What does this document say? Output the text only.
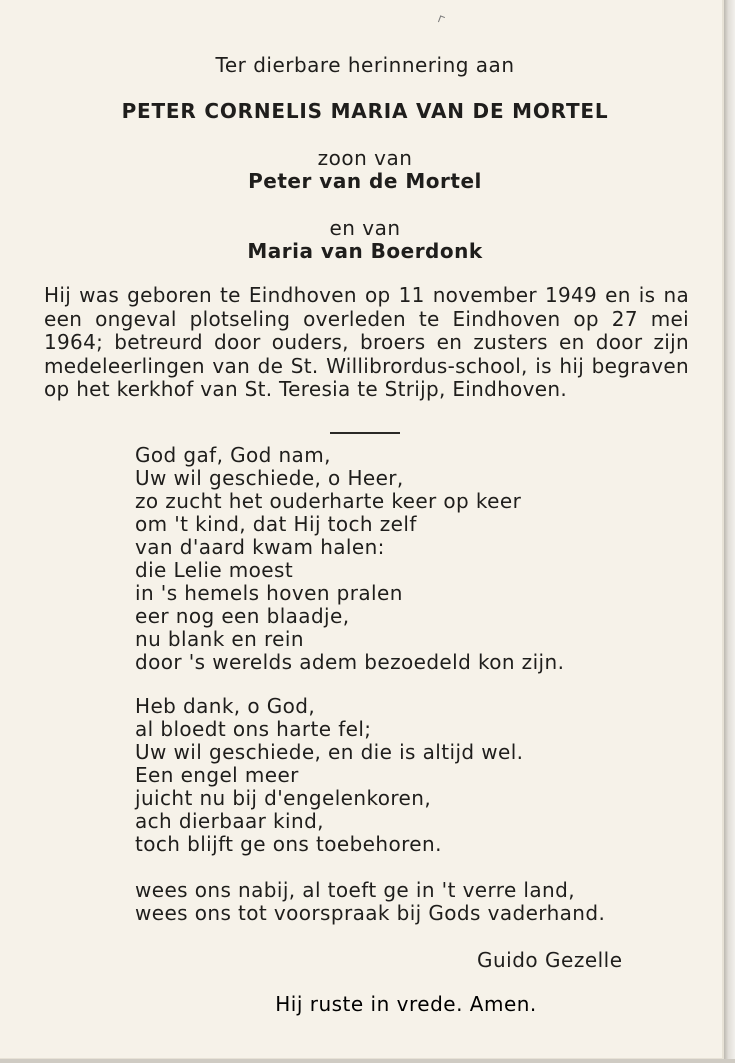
Ter dierbare herinnering aan
PETER CORNELIS MARIA VAN DE MORTEL
zoon van
Peter van de Mortel
en van
Maria van Boerdonk

Hij was geboren te Eindhoven op 11 november 1949 en is na een ongeval plotseling overleden te Eindhoven op 27 mei 1964; betreurd door ouders, broers en zusters en door zijn medeleerlingen van de St. Willibrordus-school, is hij begraven op het kerkhof van St. Teresia te Strijp, Eindhoven.

God gaf, God nam,
Uw wil geschiede, o Heer,
zo zucht het ouderharte keer op keer
om 't kind, dat Hij toch zelf
van d'aard kwam halen:
die Lelie moest
in 's hemels hoven pralen
eer nog een blaadje,
nu blank en rein
door 's werelds adem bezoedeld kon zijn.
Heb dank, o God,
al bloedt ons harte fel;
Uw wil geschiede, en die is altijd wel.
Een engel meer
juicht nu bij d'engelenkoren,
ach dierbaar kind,
toch blijft ge ons toebehoren.
wees ons nabij, al toeft ge in 't verre land,
wees ons tot voorspraak bij Gods vaderhand.
Guido Gezelle
Hij ruste in vrede. Amen.
